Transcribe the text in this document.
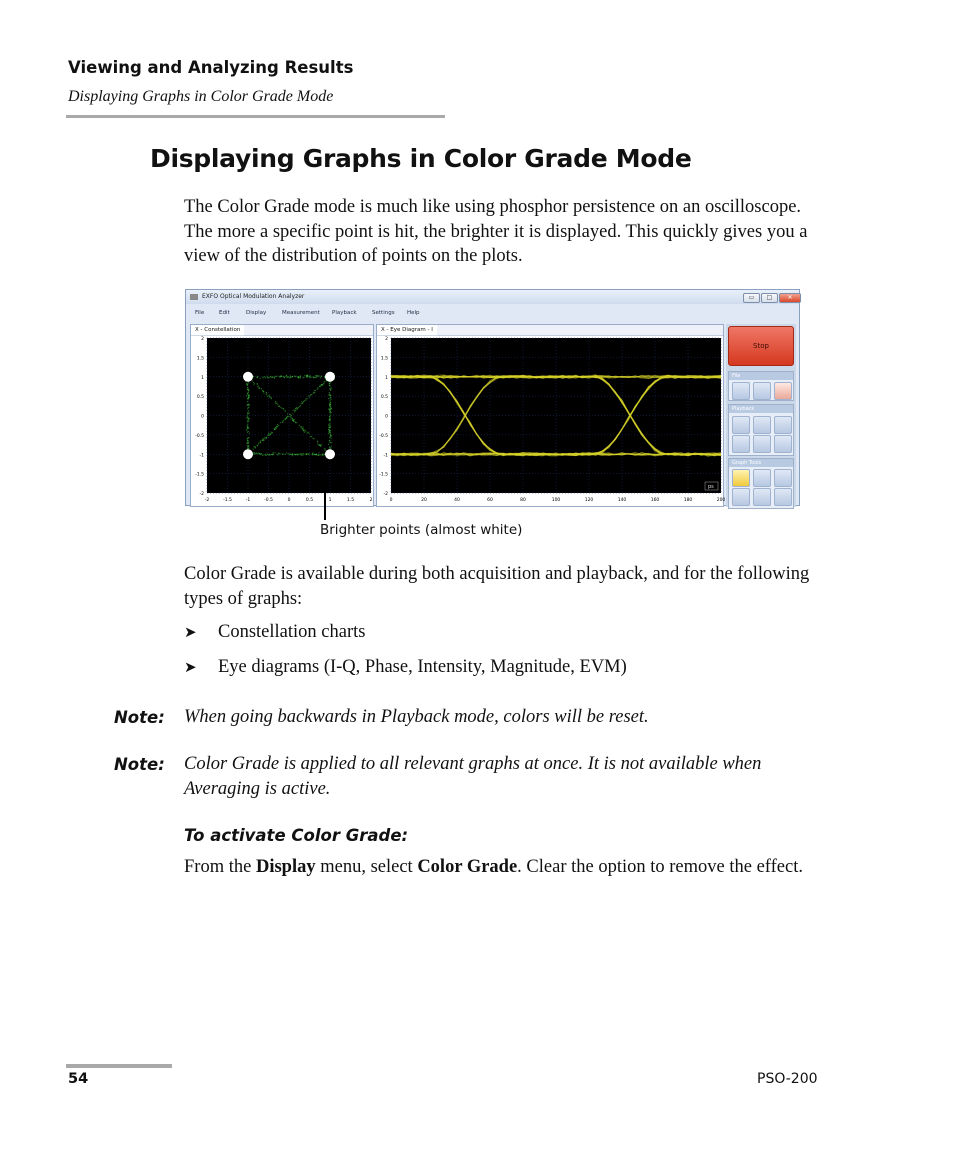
Viewing and Analyzing Results
Displaying Graphs in Color Grade Mode
Displaying Graphs in Color Grade Mode
The Color Grade mode is much like using phosphor persistence on an oscilloscope. The more a specific point is hit, the brighter it is displayed. This quickly gives you a view of the distribution of points on the plots.
EXFO Optical Modulation Analyzer	▭	□	✕
File	Edit	Display	Measurement Playback	Settings Help
X - Constellation
2
1.5
1
0.5
0
-0.5
-1
-1.5
-2
-2	-1.5	-1	-0.5	0	0.5	1	1.5	2
X - Eye Diagram - I
2
1.5
1
0.5
0
-0.5
-1
-1.5
-2
0	20	40	60	80	100	120	140	160	180	200
ps
Stop
File
Playback
Graph Tools
Brighter points (almost white)
Color Grade is available during both acquisition and playback, and for the following types of graphs:
➤ Constellation charts
➤ Eye diagrams (I-Q, Phase, Intensity, Magnitude, EVM)
Note: When going backwards in Playback mode, colors will be reset.
Note: Color Grade is applied to all relevant graphs at once. It is not available when Averaging is active.
To activate Color Grade:
From the Display menu, select Color Grade. Clear the option to remove the effect.
54	PSO-200
